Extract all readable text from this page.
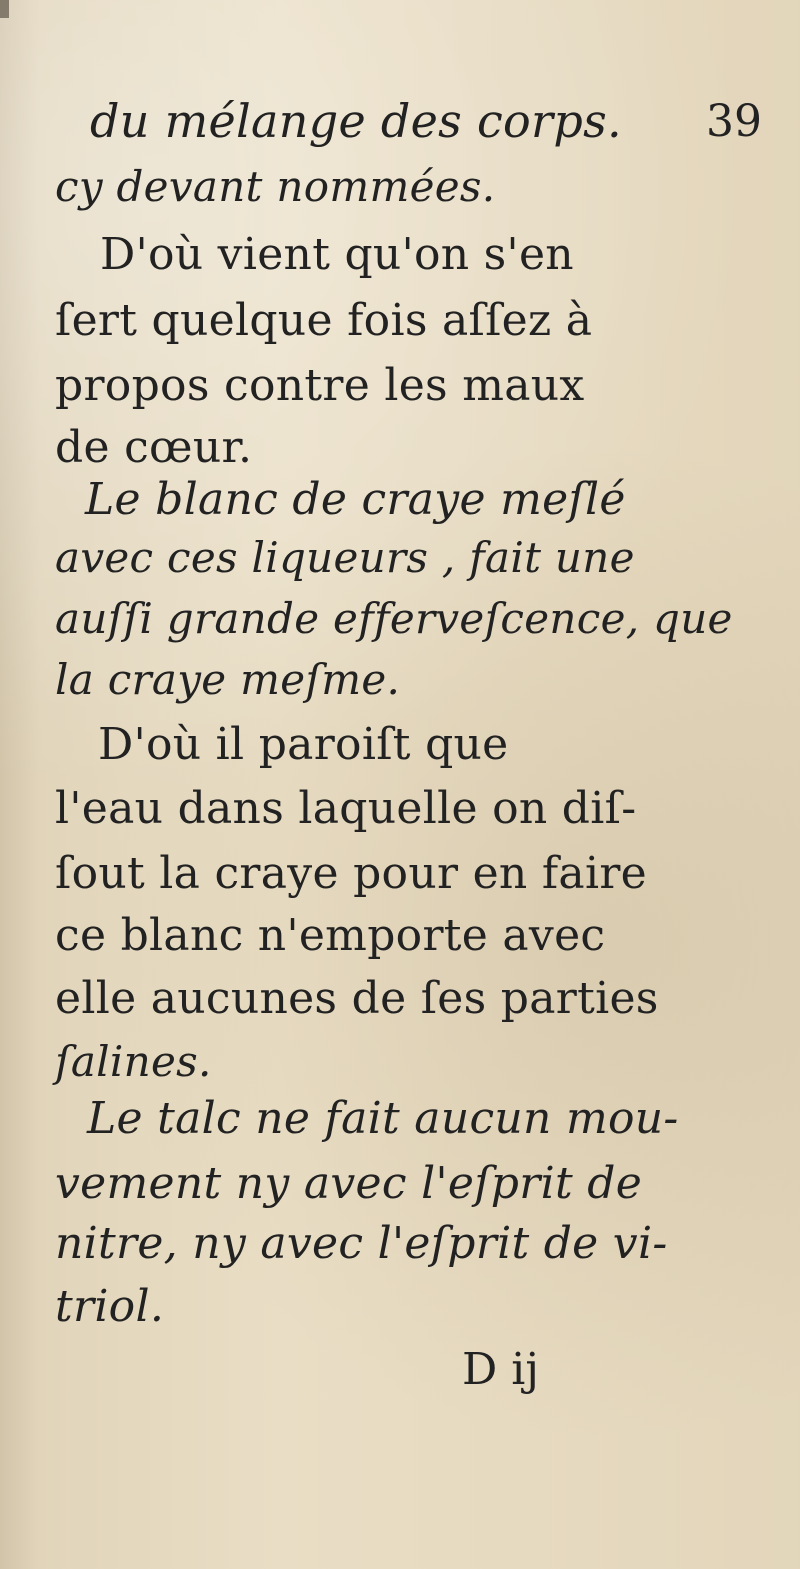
du mélange des corps.	39
cy devant nommées.
D'où vient qu'on s'en
ſert quelque fois aſſez à
propos contre les maux
de cœur.
Le blanc de craye meſlé
avec ces liqueurs , fait une
auſſi grande efferveſcence, que
la craye meſme.
D'où il paroiſt que
l'eau dans laquelle on diſ-
ſout la craye pour en faire
ce blanc n'emporte avec
elle aucunes de ſes parties
ſalines.
Le talc ne fait aucun mou-
vement ny avec l'eſprit de
nitre, ny avec l'eſprit de vi-
triol.
D ij
